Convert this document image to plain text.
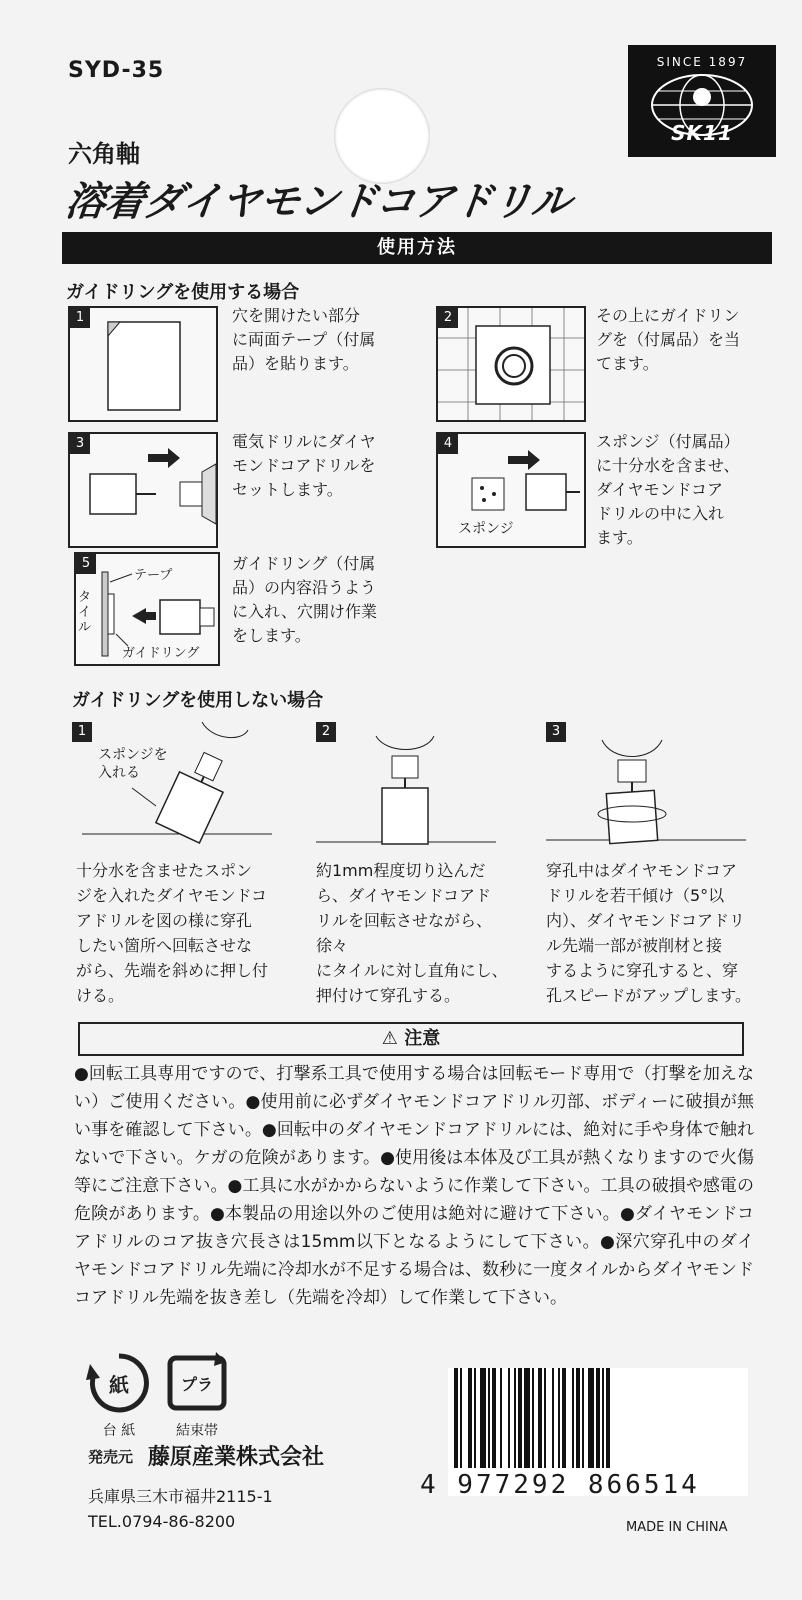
SYD-35	SINCE 1897
SK11
六角軸
溶着ダイヤモンドコアドリル
使用方法
ガイドリングを使用する場合
1	穴を開けたい部分
に両面テープ（付属
品）を貼ります。
2	その上にガイドリン
グを（付属品）を当
てます。
3	電気ドリルにダイヤ
モンドコアドリルを
セットします。
4
スポンジ
スポンジ（付属品）
に十分水を含ませ、
ダイヤモンドコア
ドリルの中に入れ
ます。
5
テープ
タイル
ガイドリング
ガイドリング（付属
品）の内容沿うよう
に入れ、穴開け作業
をします。
ガイドリングを使用しない場合
1
スポンジを
入れる
十分水を含ませたスポン
ジを入れたダイヤモンドコ
アドリルを図の様に穿孔
したい箇所へ回転させな
がら、先端を斜めに押し付
ける。
2
約1mm程度切り込んだ
ら、ダイヤモンドコアド
リルを回転させながら、徐々
にタイルに対し直角にし、
押付けて穿孔する。
3
穿孔中はダイヤモンドコア
ドリルを若干傾け（5°以
内）、ダイヤモンドコアドリ
ル先端一部が被削材と接
するように穿孔すると、穿
孔スピードがアップします。
⚠ 注意
●回転工具専用ですので、打撃系工具で使用する場合は回転モード専用で（打撃を加えない）ご使用ください。●使用前に必ずダイヤモンドコアドリル刃部、ボディーに破損が無い事を確認して下さい。●回転中のダイヤモンドコアドリルには、絶対に手や身体で触れないで下さい。ケガの危険があります。●使用後は本体及び工具が熱くなりますので火傷等にご注意下さい。●工具に水がかからないように作業して下さい。工具の破損や感電の危険があります。●本製品の用途以外のご使用は絶対に避けて下さい。●ダイヤモンドコアドリルのコア抜き穴長さは15mm以下となるようにして下さい。●深穴穿孔中のダイヤモンドコアドリル先端に冷却水が不足する場合は、数秒に一度タイルからダイヤモンドコアドリル先端を抜き差し（先端を冷却）して作業して下さい。
紙
台 紙
プラ
結束帯
発売元 藤原産業株式会社
兵庫県三木市福井2115-1
TEL.0794-86-8200
4 977292 866514
MADE IN CHINA
